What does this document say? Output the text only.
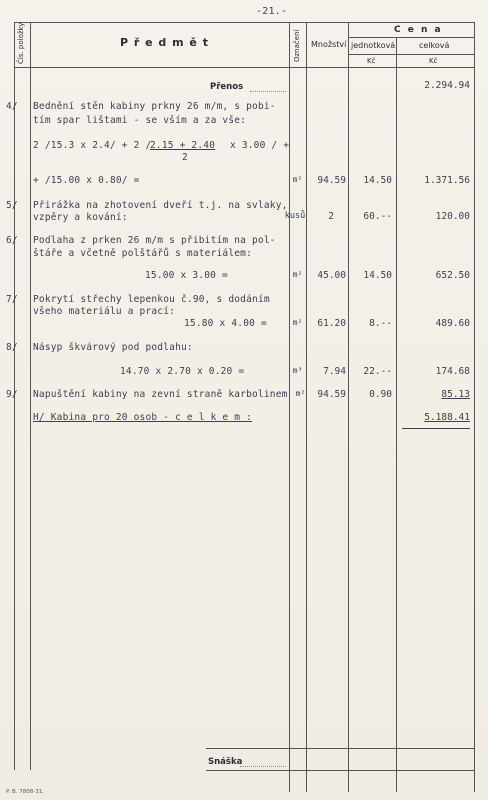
-21.-
Čís. položky	P ř e d m ě t	Označení Množství
C e n a
jednotková	celková
Kč	Kč
Přenos	2.294.94
4/ Bednění stěn kabiny prkny 26 m/m, s pobi-
tím spar lištami - se vším a za vše:
2 /15.3 x 2.4/ + 2 /
2.15 + 2.40
2
x 3.00 / +
+ /15.00 x 0.80/ =	m²	94.59	14.50	1.371.56
5/ Přirážka na zhotovení dveří t.j. na svlaky,
vzpěry a kování:	kusů	2	60.--	120.00
6/ Podlaha z prken 26 m/m s přibitím na pol-
štáře a včetně polštářů s materiálem:
15.00 x 3.00 =	m²	45.00	14.50	652.50
7/ Pokrytí střechy lepenkou č.90, s dodáním
všeho materiálu a prací:
15.80 x 4.00 =	m²	61.20	8.--	489.60
8/ Násyp škvárový pod podlahu:
14.70 x 2.70 x 0.20 =	m³	7.94	22.--	174.68
9/ Napuštění kabiny na zevní straně karbolinem	m²	94.59	0.90	85.13
H/ Kabina pro 20 osob - c e l k e m :	5.188.41
Snáška
P. B. 7808-31.
